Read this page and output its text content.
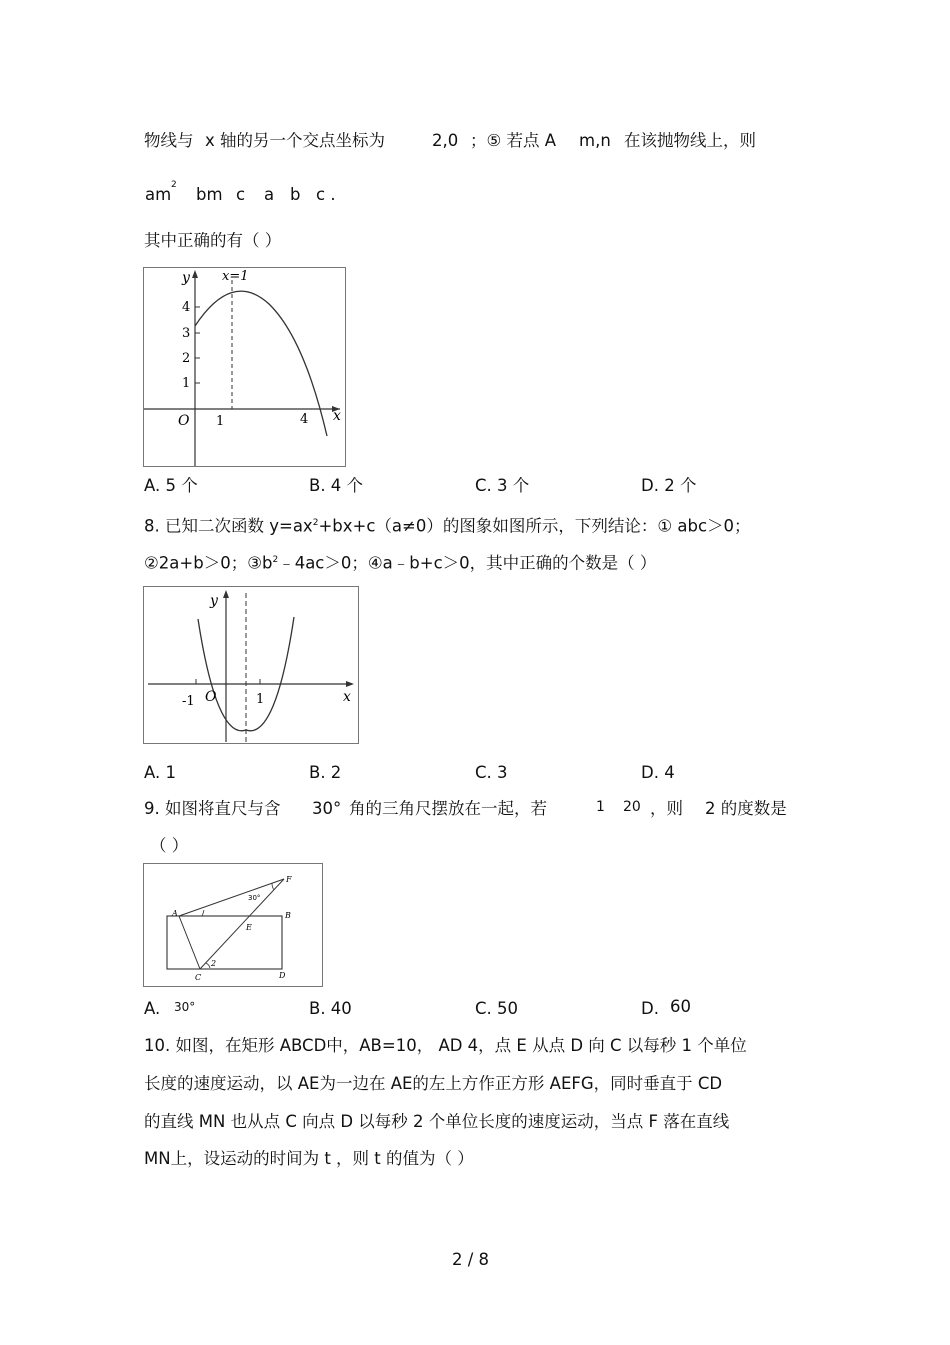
物线与 x 轴的另一个交点坐标为	2,0 ；⑤ 若点 A m,n 在该抛物线上，则
am 2 bm c a b c .
其中正确的有（ ）
y
x
x=1
O
4
3
2
1
1	4
A. 5 个	B. 4 个	C. 3 个	D. 2 个
8. 已知二次函数 $y=ax^2+bx+c(a\ne 0)$的图象如图所示，下列结论：① abc＞0；
②2a+b＞0；$③b^2﹣4ac>0$；④a﹣b+c＞0，其中正确的个数是（ ）
y
x
O
-1	1
A. 1	B. 2	C. 3	D. 4
9. 如图将直尺与含 30° 角的三角尺摆放在一起，若	1 20 ，则 2 的度数是
（ ）
A	B
C	D
E
F
30°
2
A. 30°	B. 40	C. 50	D. 60
10. 如图，在矩形 ABCD中，AB=10， AD 4，点 E 从点 D 向 C 以每秒 1 个单位
长度的速度运动，以 AE为一边在 AE的左上方作正方形 AEFG，同时垂直于 CD
的直线 MN 也从点 C 向点 D 以每秒 2 个单位长度的速度运动，当点 F 落在直线
MN上，设运动的时间为 t ，则 t 的值为（ ）
2 / 8
